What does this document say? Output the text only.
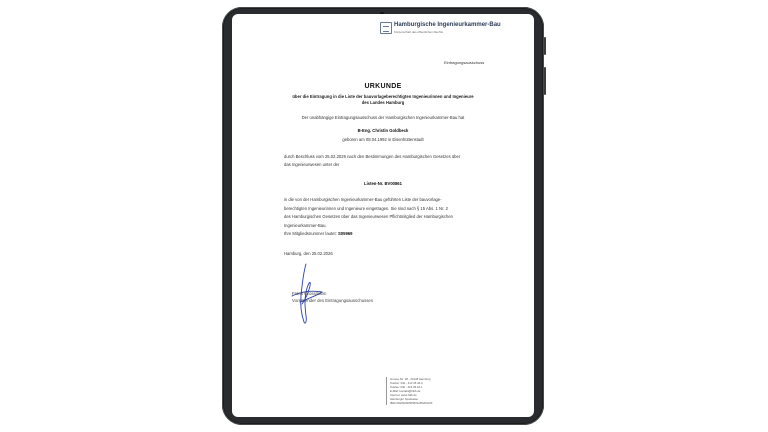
Hamburgische Ingenieurkammer-Bau
Körperschaft des öffentlichen Rechts
Eintragungsausschuss
URKUNDE
über die Eintragung in die Liste der bauvorlageberechtigten Ingenieurinnen und Ingenieure
des Landes Hamburg
Der unabhängige Eintragungsausschuss der Hamburgischen Ingenieurkammer-Bau hat
B-Eng. Christin Goldbeck
geboren am 08.04.1992 in Eisenhüttenstadt
durch Beschluss vom 25.02.2026 nach den Bestimmungen des Hamburgischen Gesetzes über
das Ingenieurwesen unter der
Listen-Nr. BV00861
in die von der Hamburgischen Ingenieurkammer-Bau geführten Liste der bauvorlage-
berechtigten Ingenieurinnen und Ingenieure eingetragen. Sie sind nach § 15 Abs. 1 Nr. 2
des Hamburgischen Gesetzes über das Ingenieurwesen Pflichtmitglied der Hamburgischen
Ingenieurkammer-Bau.
Ihre Mitgliedsnummer lautet: S05969
Hamburg, den 25.02.2026
Frank Grossmann
Vorsitzender des Eintragungsausschusses
Grosse Str. 38 · 20148 Hamburg
Telefon: 040 - 413 45 46-0
Telefax: 040 - 413 45 46-1
E-Mail: kontakt@hikb.de
Internet: www.hikb.de
Hamburger Sparkasse
IBAN DE50200505501265201000
